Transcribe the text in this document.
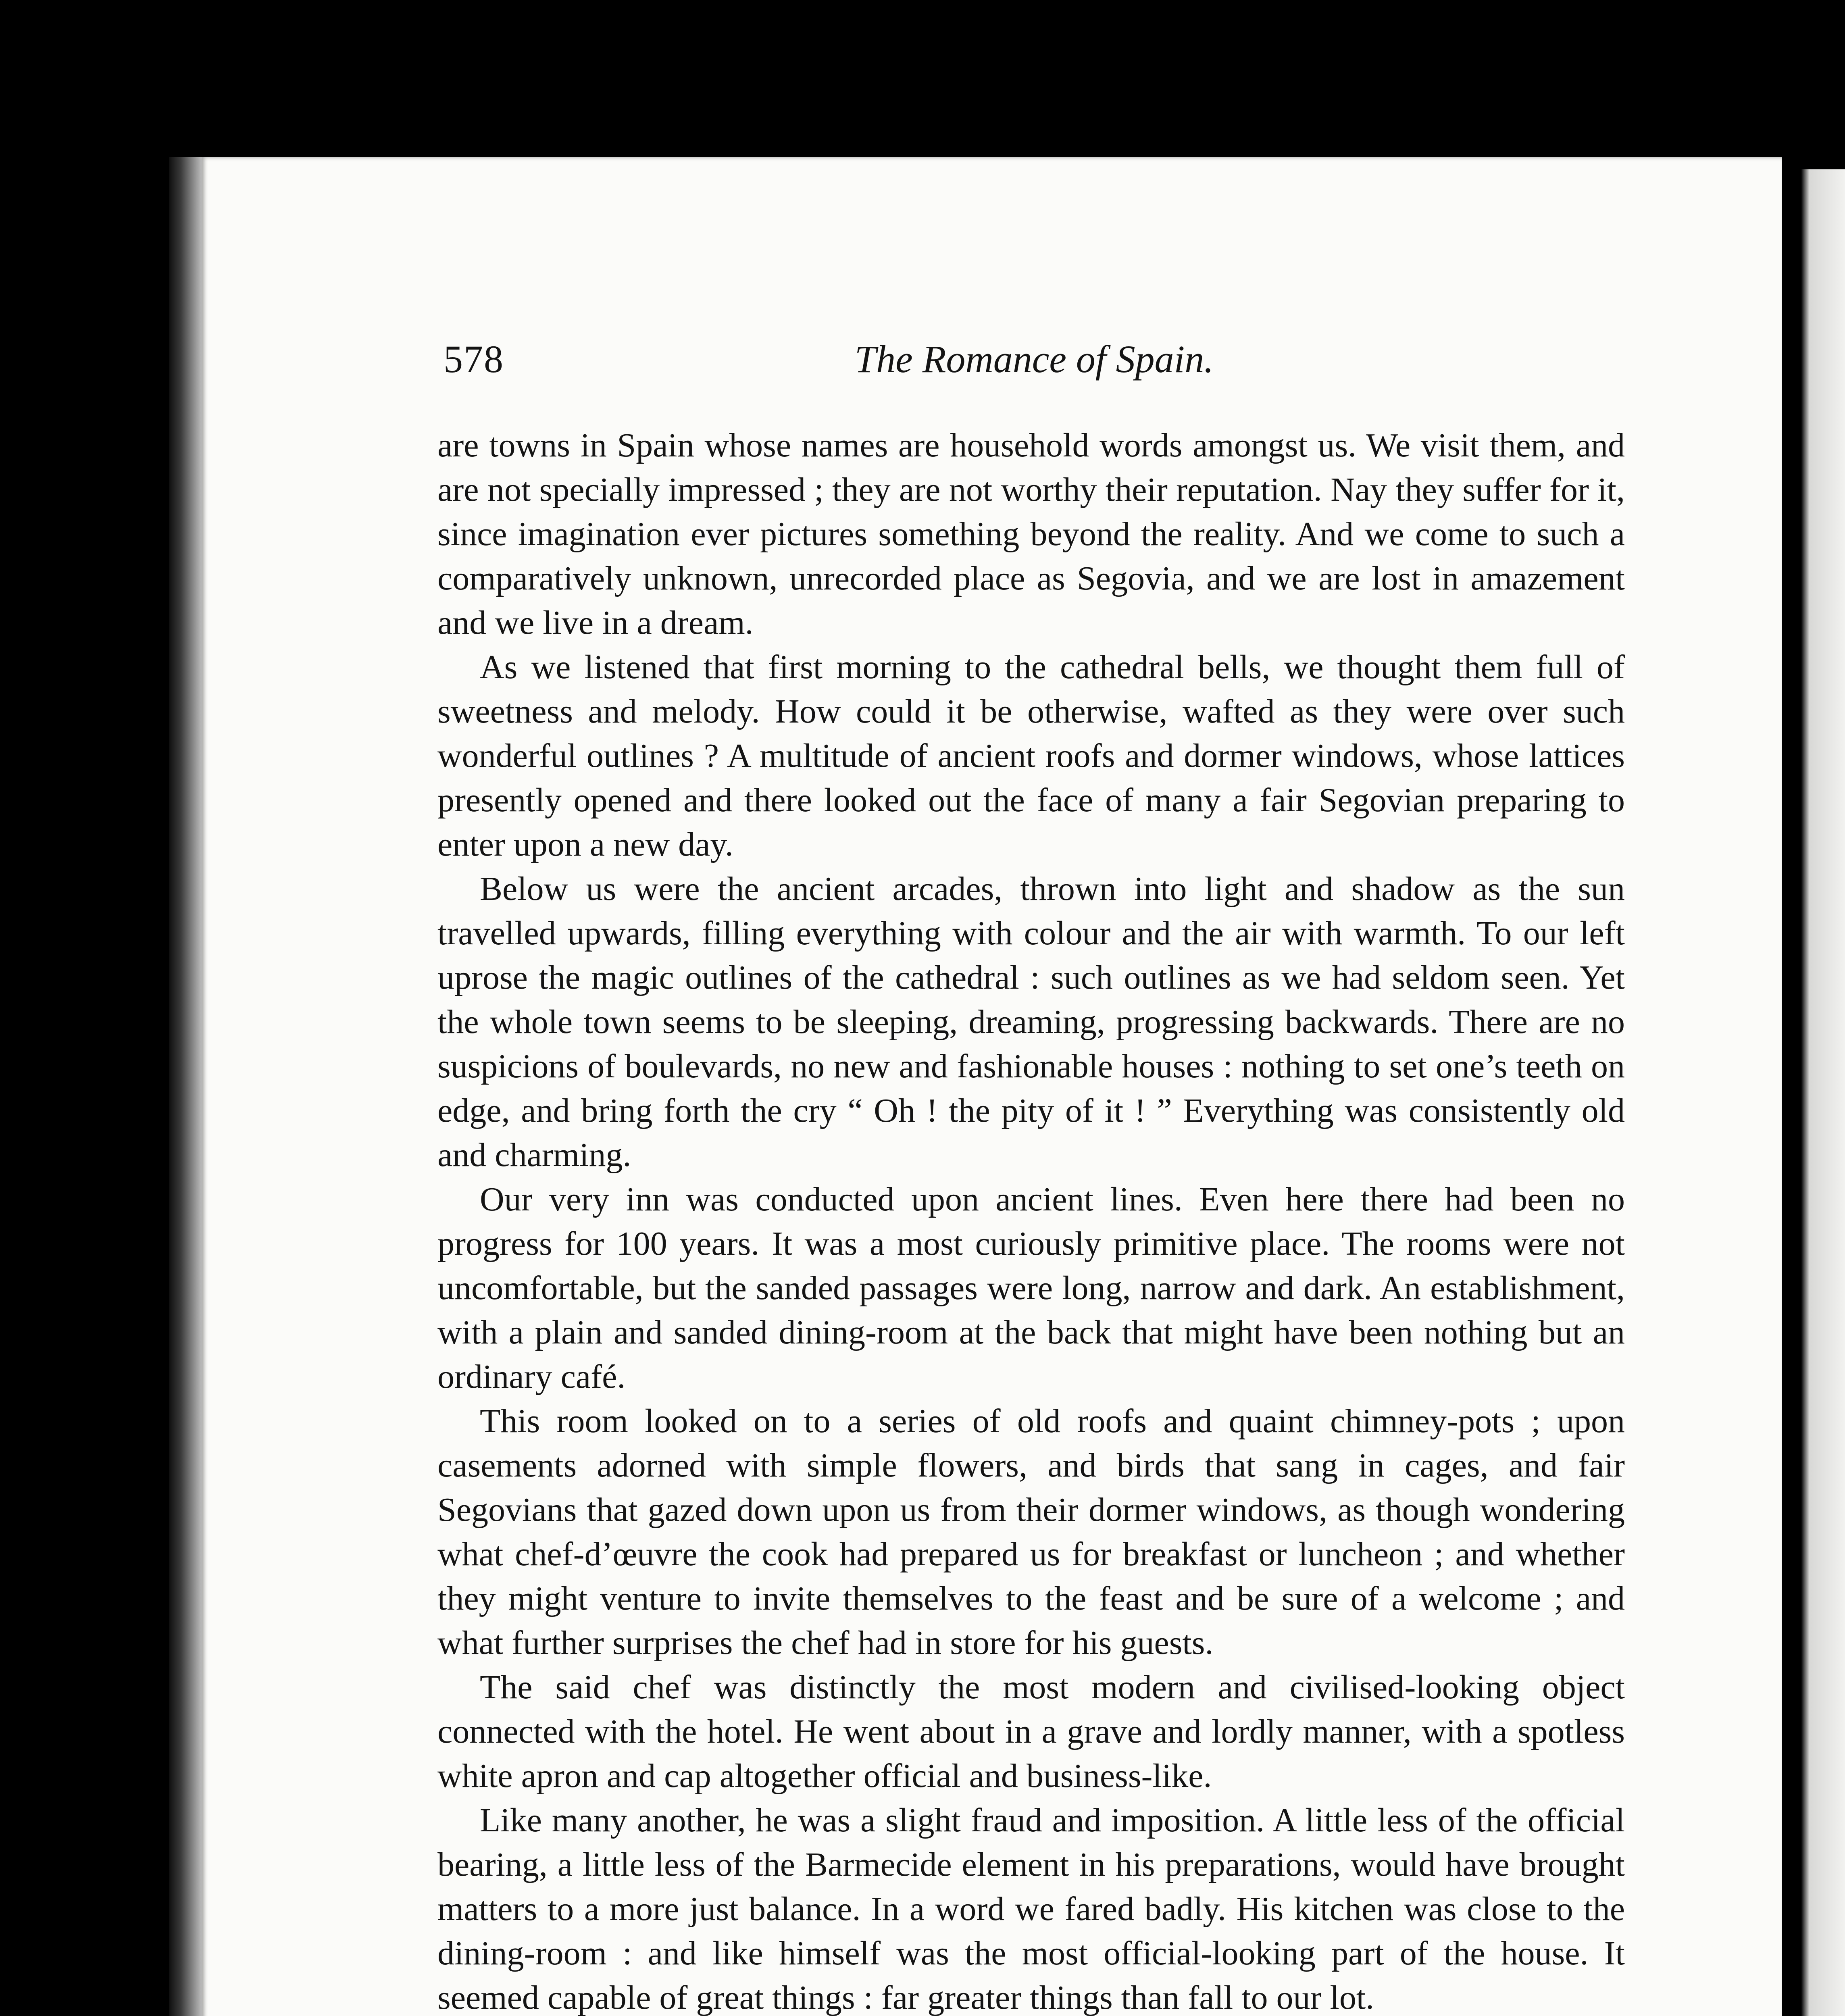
578	The Romance of Spain.

are towns in Spain whose names are household words amongst us. We visit them, and are not specially impressed ; they are not worthy their reputation. Nay they suffer for it, since imagination ever pictures something beyond the reality. And we come to such a comparatively unknown, unrecorded place as Segovia, and we are lost in amazement and we live in a dream.

As we listened that first morning to the cathedral bells, we thought them full of sweetness and melody. How could it be otherwise, wafted as they were over such wonderful outlines ? A multitude of ancient roofs and dormer windows, whose lattices presently opened and there looked out the face of many a fair Segovian preparing to enter upon a new day.

Below us were the ancient arcades, thrown into light and shadow as the sun travelled upwards, filling everything with colour and the air with warmth. To our left uprose the magic outlines of the cathedral : such outlines as we had seldom seen. Yet the whole town seems to be sleeping, dreaming, progressing backwards. There are no suspicions of boulevards, no new and fashionable houses : nothing to set one’s teeth on edge, and bring forth the cry “ Oh ! the pity of it ! ” Everything was consistently old and charming.

Our very inn was conducted upon ancient lines. Even here there had been no progress for 100 years. It was a most curiously primitive place. The rooms were not uncomfortable, but the sanded passages were long, narrow and dark. An establishment, with a plain and sanded dining-room at the back that might have been nothing but an ordinary café.

This room looked on to a series of old roofs and quaint chimney-pots ; upon casements adorned with simple flowers, and birds that sang in cages, and fair Segovians that gazed down upon us from their dormer windows, as though wondering what chef-d’œuvre the cook had prepared us for breakfast or luncheon ; and whether they might venture to invite themselves to the feast and be sure of a welcome ; and what further surprises the chef had in store for his guests.

The said chef was distinctly the most modern and civilised-looking object connected with the hotel. He went about in a grave and lordly manner, with a spotless white apron and cap altogether official and business-like.

Like many another, he was a slight fraud and imposition. A little less of the official bearing, a little less of the Barmecide element in his preparations, would have brought matters to a more just balance. In a word we fared badly. His kitchen was close to the dining-room : and like himself was the most official-looking part of the house. It seemed capable of great things : far greater things than fall to our lot.
